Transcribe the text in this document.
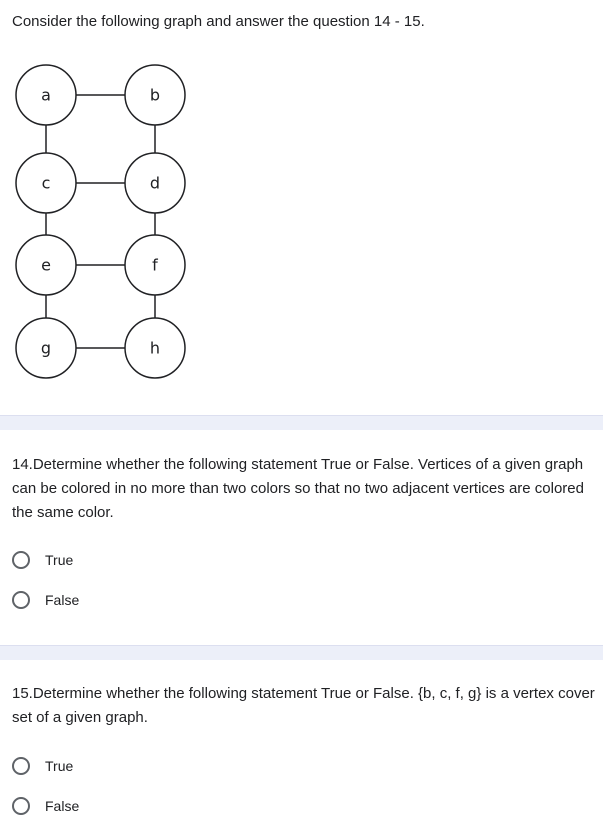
Consider the following graph and answer the question 14 - 15.
a	b
c	d
e	f
g	h
14.Determine whether the following statement True or False. Vertices of a given graph can be colored in no more than two colors so that no two adjacent vertices are colored the same color.
True
False
15.Determine whether the following statement True or False. {b, c, f, g} is a vertex cover set of a given graph.
True
False
